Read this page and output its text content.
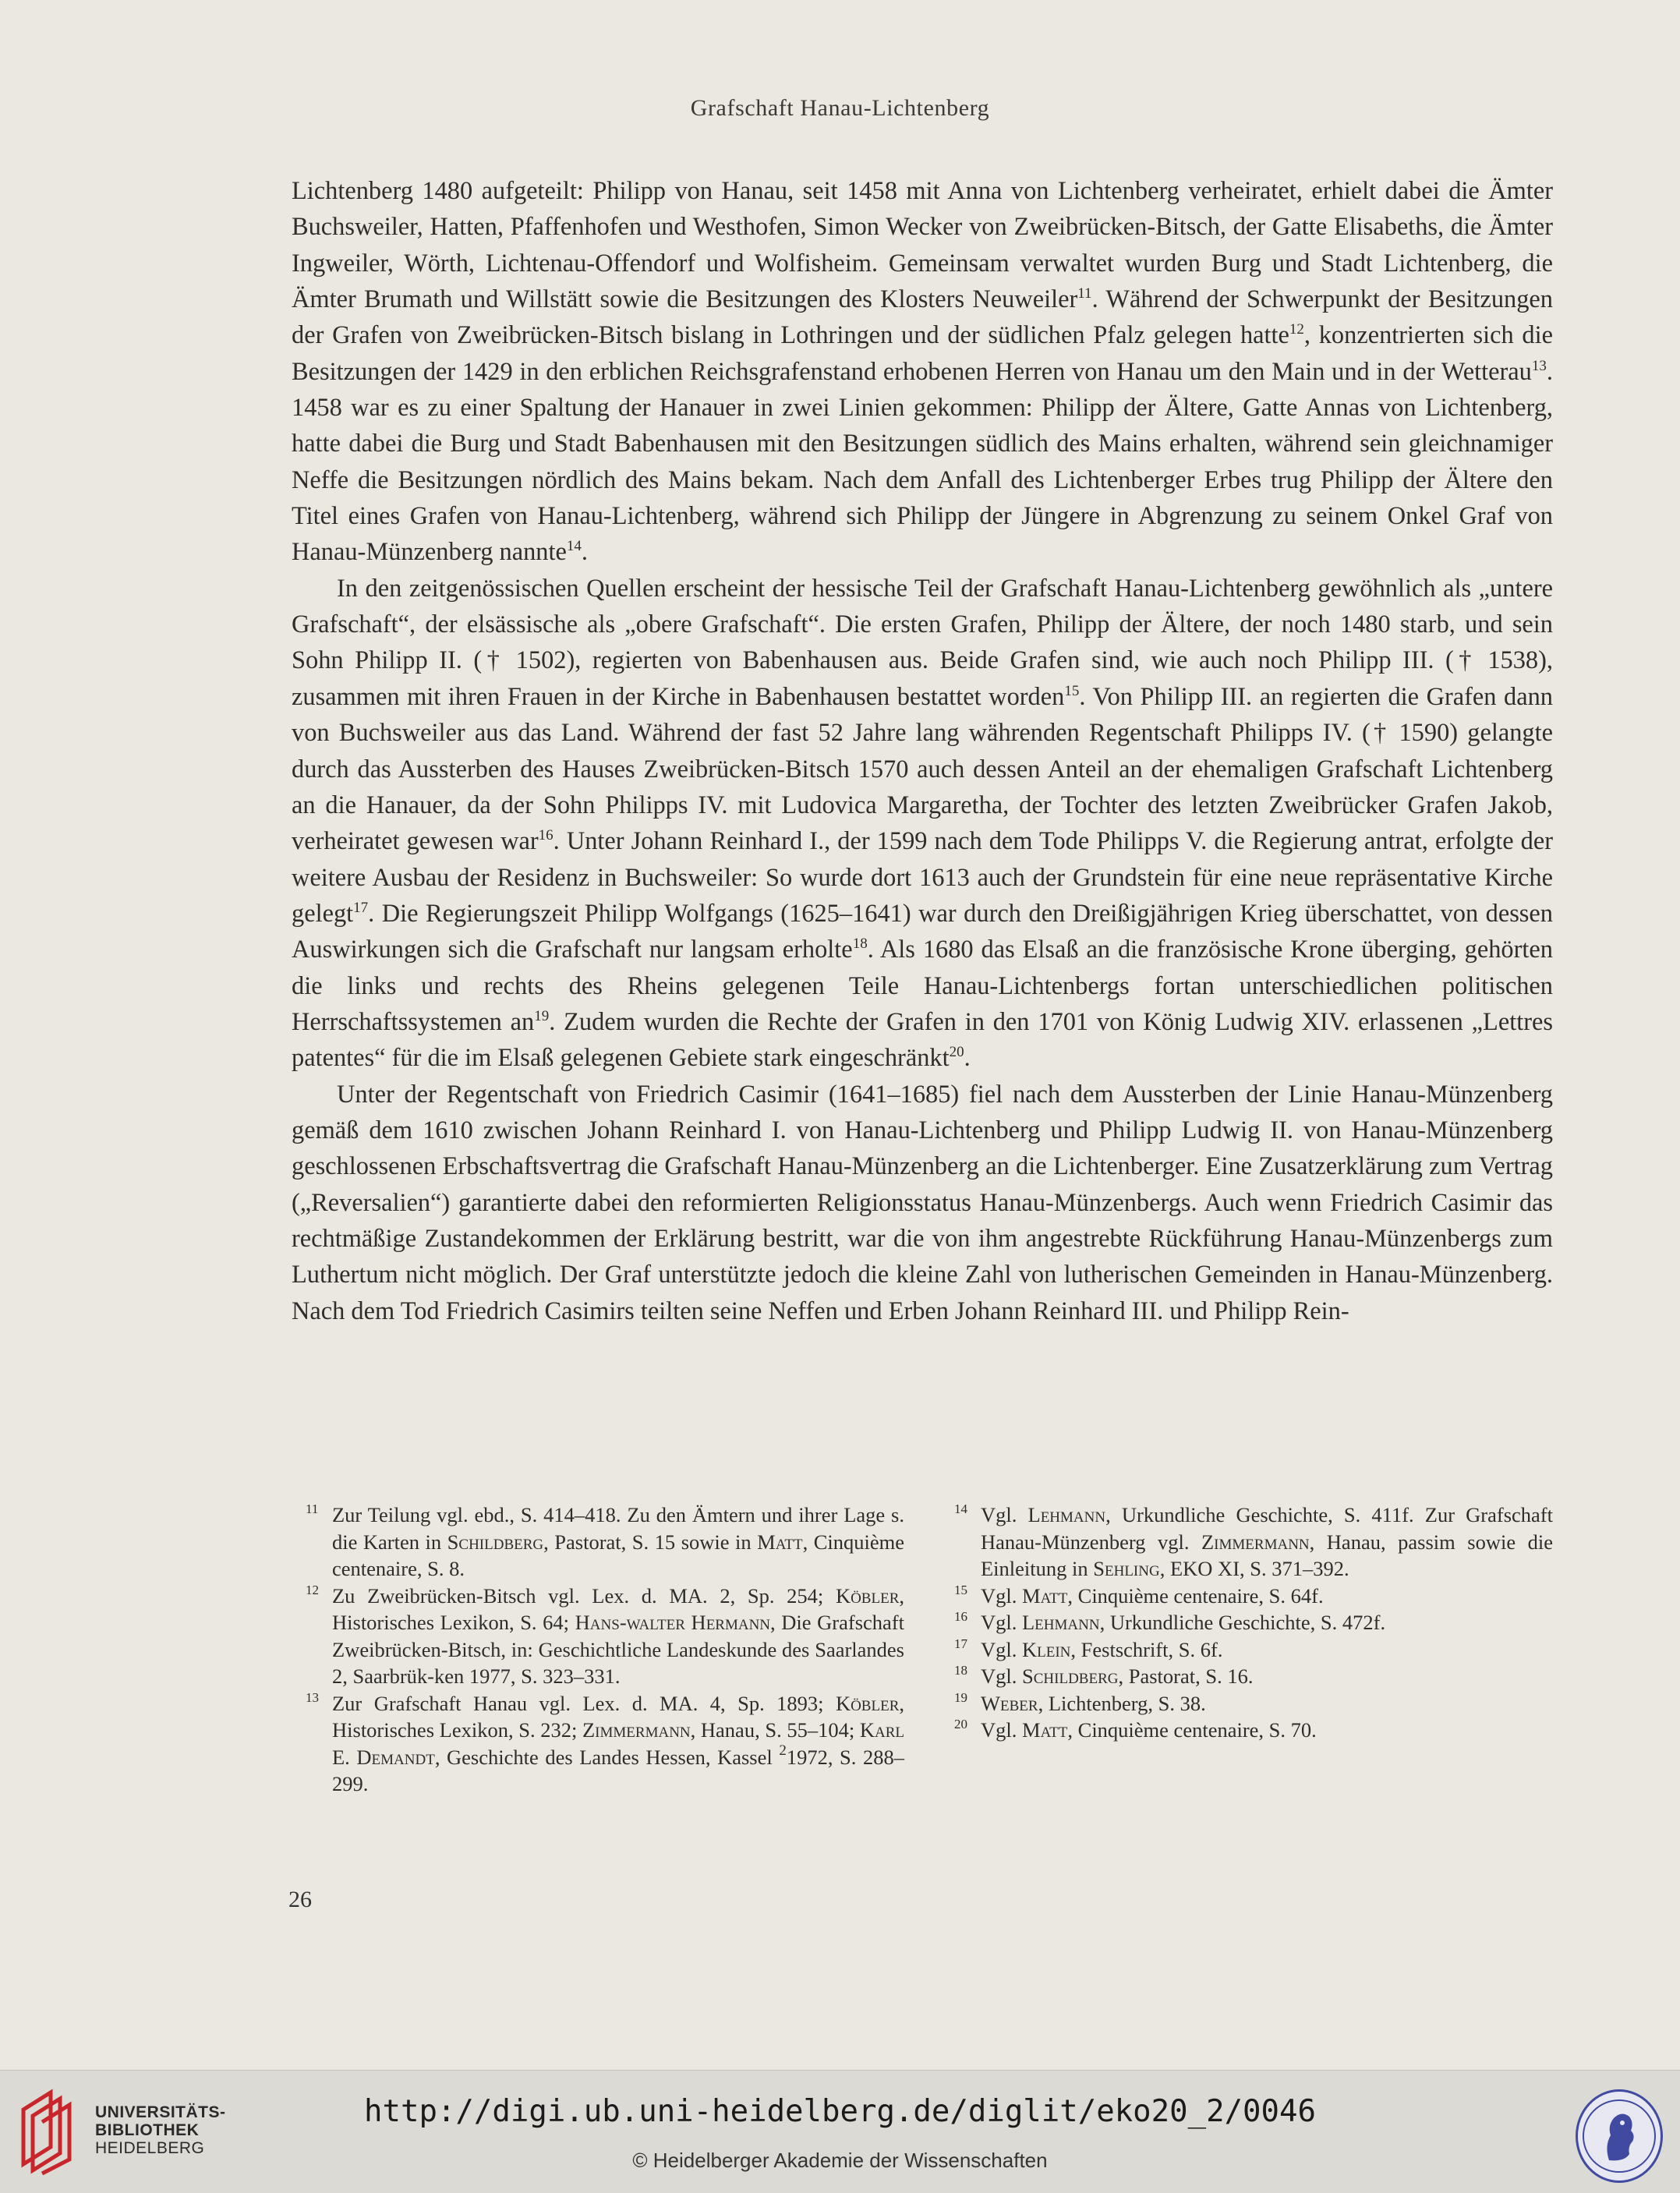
Grafschaft Hanau-Lichtenberg

Lichtenberg 1480 aufgeteilt: Philipp von Hanau, seit 1458 mit Anna von Lichtenberg verheiratet, erhielt dabei die Ämter Buchsweiler, Hatten, Pfaffenhofen und Westhofen, Simon Wecker von Zweibrücken-Bitsch, der Gatte Elisabeths, die Ämter Ingweiler, Wörth, Lichtenau-Offendorf und Wolfisheim. Gemeinsam verwaltet wurden Burg und Stadt Lichtenberg, die Ämter Brumath und Willstätt sowie die Besitzungen des Klosters Neuweiler$^{11}$. Während der Schwerpunkt der Besitzungen der Grafen von Zweibrücken-Bitsch bislang in Lothringen und der südlichen Pfalz gelegen hatte$^{12}$, konzentrierten sich die Besitzungen der 1429 in den erblichen Reichsgrafenstand erhobenen Herren von Hanau um den Main und in der Wetterau$^{13}$. 1458 war es zu einer Spaltung der Hanauer in zwei Linien gekommen: Philipp der Ältere, Gatte Annas von Lichtenberg, hatte dabei die Burg und Stadt Babenhausen mit den Besitzungen südlich des Mains erhalten, während sein gleichnamiger Neffe die Besitzungen nördlich des Mains bekam. Nach dem Anfall des Lichtenberger Erbes trug Philipp der Ältere den Titel eines Grafen von Hanau-Lichtenberg, während sich Philipp der Jüngere in Abgrenzung zu seinem Onkel Graf von Hanau-Münzenberg nannte$^{14}$.

In den zeitgenössischen Quellen erscheint der hessische Teil der Grafschaft Hanau-Lichtenberg gewöhnlich als „untere Grafschaft“, der elsässische als „obere Grafschaft“. Die ersten Grafen, Philipp der Ältere, der noch 1480 starb, und sein Sohn Philipp II. († 1502), regierten von Babenhausen aus. Beide Grafen sind, wie auch noch Philipp III. († 1538), zusammen mit ihren Frauen in der Kirche in Babenhausen bestattet worden$^{15}$. Von Philipp III. an regierten die Grafen dann von Buchsweiler aus das Land. Während der fast 52 Jahre lang währenden Regentschaft Philipps IV. († 1590) gelangte durch das Aussterben des Hauses Zweibrücken-Bitsch 1570 auch dessen Anteil an der ehemaligen Grafschaft Lichtenberg an die Hanauer, da der Sohn Philipps IV. mit Ludovica Margaretha, der Tochter des letzten Zweibrücker Grafen Jakob, verheiratet gewesen war$^{16}$. Unter Johann Reinhard I., der 1599 nach dem Tode Philipps V. die Regierung antrat, erfolgte der weitere Ausbau der Residenz in Buchsweiler: So wurde dort 1613 auch der Grundstein für eine neue repräsentative Kirche gelegt$^{17}$. Die Regierungszeit Philipp Wolfgangs (1625–1641) war durch den Dreißigjährigen Krieg überschattet, von dessen Auswirkungen sich die Grafschaft nur langsam erholte$^{18}$. Als 1680 das Elsaß an die französische Krone überging, gehörten die links und rechts des Rheins gelegenen Teile Hanau-Lichtenbergs fortan unterschiedlichen politischen Herrschaftssystemen $an^{19}$. Zudem wurden die Rechte der Grafen in den 1701 von König Ludwig XIV. erlassenen „Lettres patentes“ für die im Elsaß gelegenen Gebiete stark eingeschränkt$^{20}$.

Unter der Regentschaft von Friedrich Casimir (1641–1685) fiel nach dem Aussterben der Linie Hanau-Münzenberg gemäß dem 1610 zwischen Johann Reinhard I. von Hanau-Lichtenberg und Philipp Ludwig II. von Hanau-Münzenberg geschlossenen Erbschaftsvertrag die Grafschaft Hanau-Münzenberg an die Lichtenberger. Eine Zusatzerklärung zum Vertrag („Reversalien“) garantierte dabei den reformierten Religionsstatus Hanau-Münzenbergs. Auch wenn Friedrich Casimir das rechtmäßige Zustandekommen der Erklärung bestritt, war die von ihm angestrebte Rückführung Hanau-Münzenbergs zum Luthertum nicht möglich. Der Graf unterstützte jedoch die kleine Zahl von lutherischen Gemeinden in Hanau-Münzenberg. Nach dem Tod Friedrich Casimirs teilten seine Neffen und Erben Johann Reinhard III. und Philipp Rein-

11 Zur Teilung vgl. ebd., S. 414–418. Zu den Ämtern und ihrer Lage s. die Karten in Schildberg, Pastorat, S. 15 sowie in Matt, Cinquième centenaire, S. 8.
12 Zu Zweibrücken-Bitsch vgl. Lex. d. MA. 2, Sp. 254; Köbler, Historisches Lexikon, S. 64; Hans-walter Hermann, Die Grafschaft Zweibrücken-Bitsch, in: Geschichtliche Landeskunde des Saarlandes 2, Saarbrük-ken 1977, S. 323–331.
13 Zur Grafschaft Hanau vgl. Lex. d. MA. 4, Sp. 1893; Köbler, Historisches Lexikon, S. 232; Zimmermann, Hanau, S. 55–104; Karl E. Demandt, Geschichte des Landes Hessen, Kassel $^2$1972, S. 288–299.
14 Vgl. Lehmann, Urkundliche Geschichte, S. 411f. Zur Grafschaft Hanau-Münzenberg vgl. Zimmermann, Hanau, passim sowie die Einleitung in Sehling, EKO XI, S. 371–392.
15 Vgl. Matt, Cinquième centenaire, S. 64f.
16 Vgl. Lehmann, Urkundliche Geschichte, S. 472f.
17 Vgl. Klein, Festschrift, S. 6f.
18 Vgl. Schildberg, Pastorat, S. 16.
19 Weber, Lichtenberg, S. 38.
20 Vgl. Matt, Cinquième centenaire, S. 70.
26
UNIVERSITÄTS-
BIBLIOTHEK
HEIDELBERG
http://digi.ub.uni-heidelberg.de/diglit/eko20_2/0046
© Heidelberger Akademie der Wissenschaften
